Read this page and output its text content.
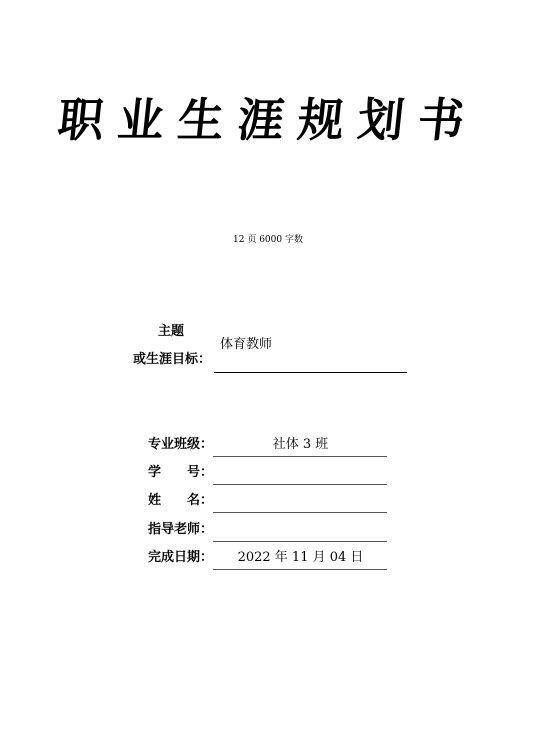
职业生涯规划书
12 页 6000 字数
主题
或生涯目标：
体育教师
专业班级：	社体 3 班
学　　号：
姓　　名：
指导老师：
完成日期：	2022 年 11 月 04 日
